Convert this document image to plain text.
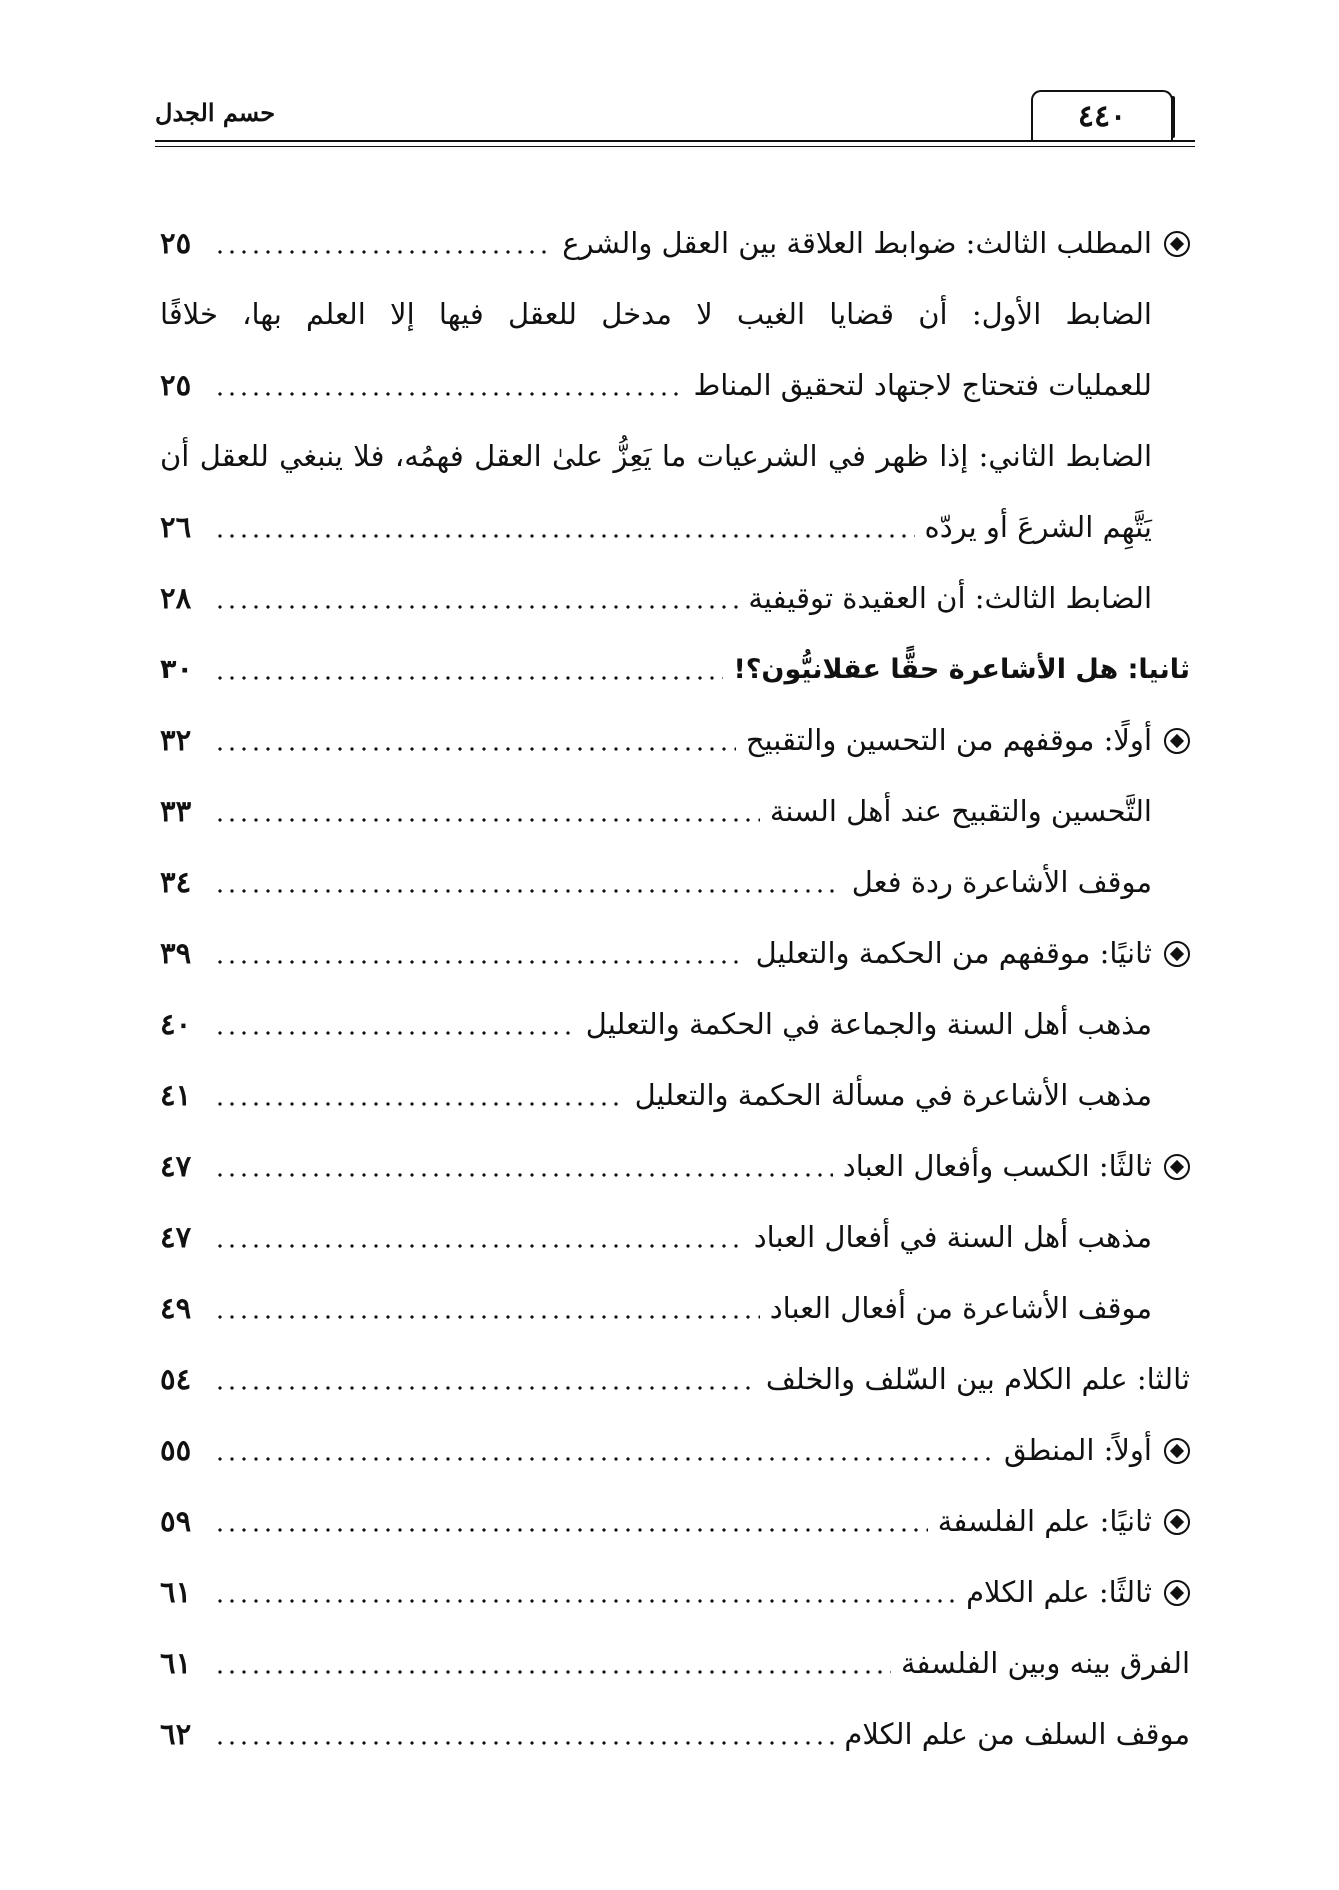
٤٤٠
حسم الجدل
المطلب الثالث: ضوابط العلاقة بين العقل والشرع
٢٥
الضابط الأول: أن قضايا الغيب لا مدخل للعقل فيها إلا العلم بها، خلافًا
للعمليات فتحتاج لاجتهاد لتحقيق المناط
٢٥
الضابط الثاني: إذا ظهر في الشرعيات ما يَعِزُّ علىٰ العقل فهمُه، فلا ينبغي للعقل أن
يَتَّهِم الشرعَ أو يردّه
٢٦
الضابط الثالث: أن العقيدة توقيفية
٢٨
ثانيا: هل الأشاعرة حقًّا عقلانيُّون؟!
٣٠
أولًا: موقفهم من التحسين والتقبيح
٣٢
التَّحسين والتقبيح عند أهل السنة
٣٣
موقف الأشاعرة ردة فعل
٣٤
ثانيًا: موقفهم من الحكمة والتعليل
٣٩
مذهب أهل السنة والجماعة في الحكمة والتعليل
٤٠
مذهب الأشاعرة في مسألة الحكمة والتعليل
٤١
ثالثًا: الكسب وأفعال العباد
٤٧
مذهب أهل السنة في أفعال العباد
٤٧
موقف الأشاعرة من أفعال العباد
٤٩
ثالثا: علم الكلام بين السّلف والخلف
٥٤
أولاً: المنطق
٥٥
ثانيًا: علم الفلسفة
٥٩
ثالثًا: علم الكلام
٦١
الفرق بينه وبين الفلسفة
٦١
موقف السلف من علم الكلام
٦٢
